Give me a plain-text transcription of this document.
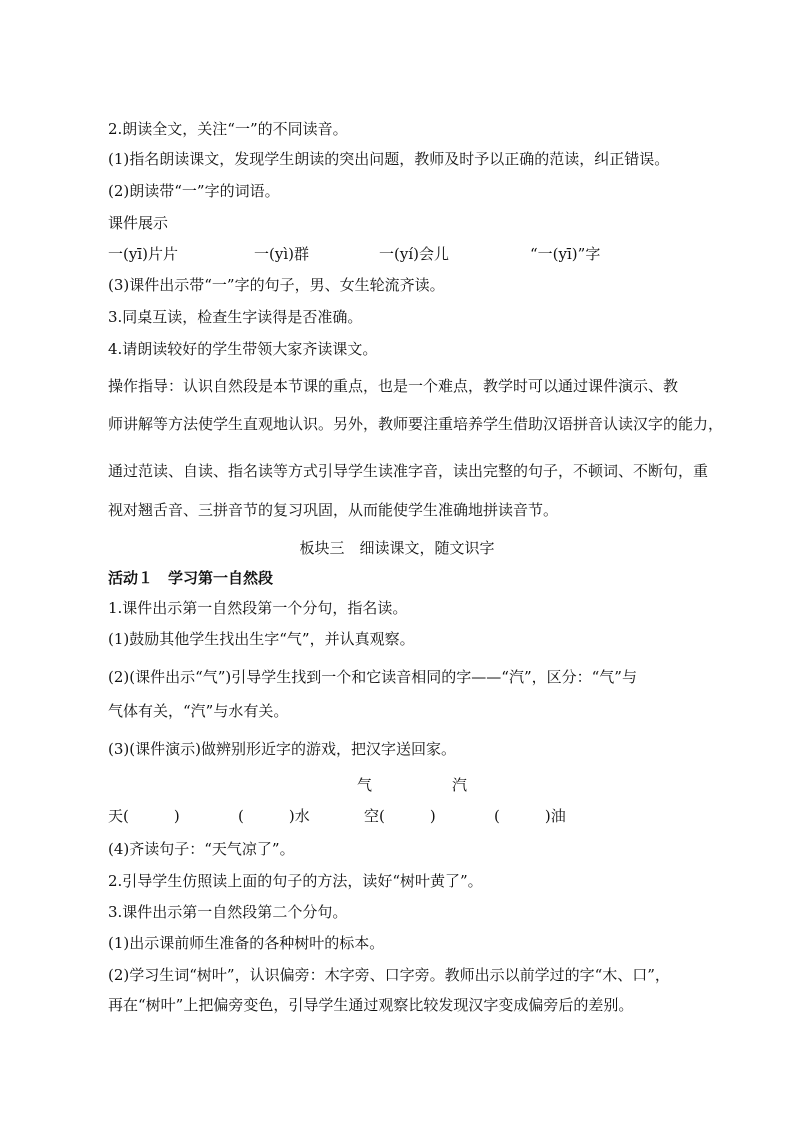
2.朗读全文，关注“一”的不同读音。
(1)指名朗读课文，发现学生朗读的突出问题，教师及时予以正确的范读，纠正错误。
(2)朗读带“一”字的词语。
课件展示
一(yī)片片	一(yì)群	一(yí)会儿	“一(yī)”字
(3)课件出示带“一”字的句子，男、女生轮流齐读。
3.同桌互读，检查生字读得是否准确。
4.请朗读较好的学生带领大家齐读课文。
操作指导：认识自然段是本节课的重点，也是一个难点，教学时可以通过课件演示、教
师讲解等方法使学生直观地认识。另外，教师要注重培养学生借助汉语拼音认读汉字的能力，
通过范读、自读、指名读等方式引导学生读准字音，读出完整的句子，不顿词、不断句，重
视对翘舌音、三拼音节的复习巩固，从而能使学生准确地拼读音节。
板块三　细读课文，随文识字
活动１　学习第一自然段
1.课件出示第一自然段第一个分句，指名读。
(1)鼓励其他学生找出生字“气”，并认真观察。
(2)(课件出示“气”)引导学生找到一个和它读音相同的字——“汽”，区分：“气”与
气体有关，“汽”与水有关。
(3)(课件演示)做辨别形近字的游戏，把汉字送回家。
气	汽
天(　　　)	(　　　)水	空(　　　)	(　　　)油
(4)齐读句子：“天气凉了”。
2.引导学生仿照读上面的句子的方法，读好“树叶黄了”。
3.课件出示第一自然段第二个分句。
(1)出示课前师生准备的各种树叶的标本。
(2)学习生词“树叶”，认识偏旁：木字旁、口字旁。教师出示以前学过的字“木、口”，
再在“树叶”上把偏旁变色，引导学生通过观察比较发现汉字变成偏旁后的差别。
